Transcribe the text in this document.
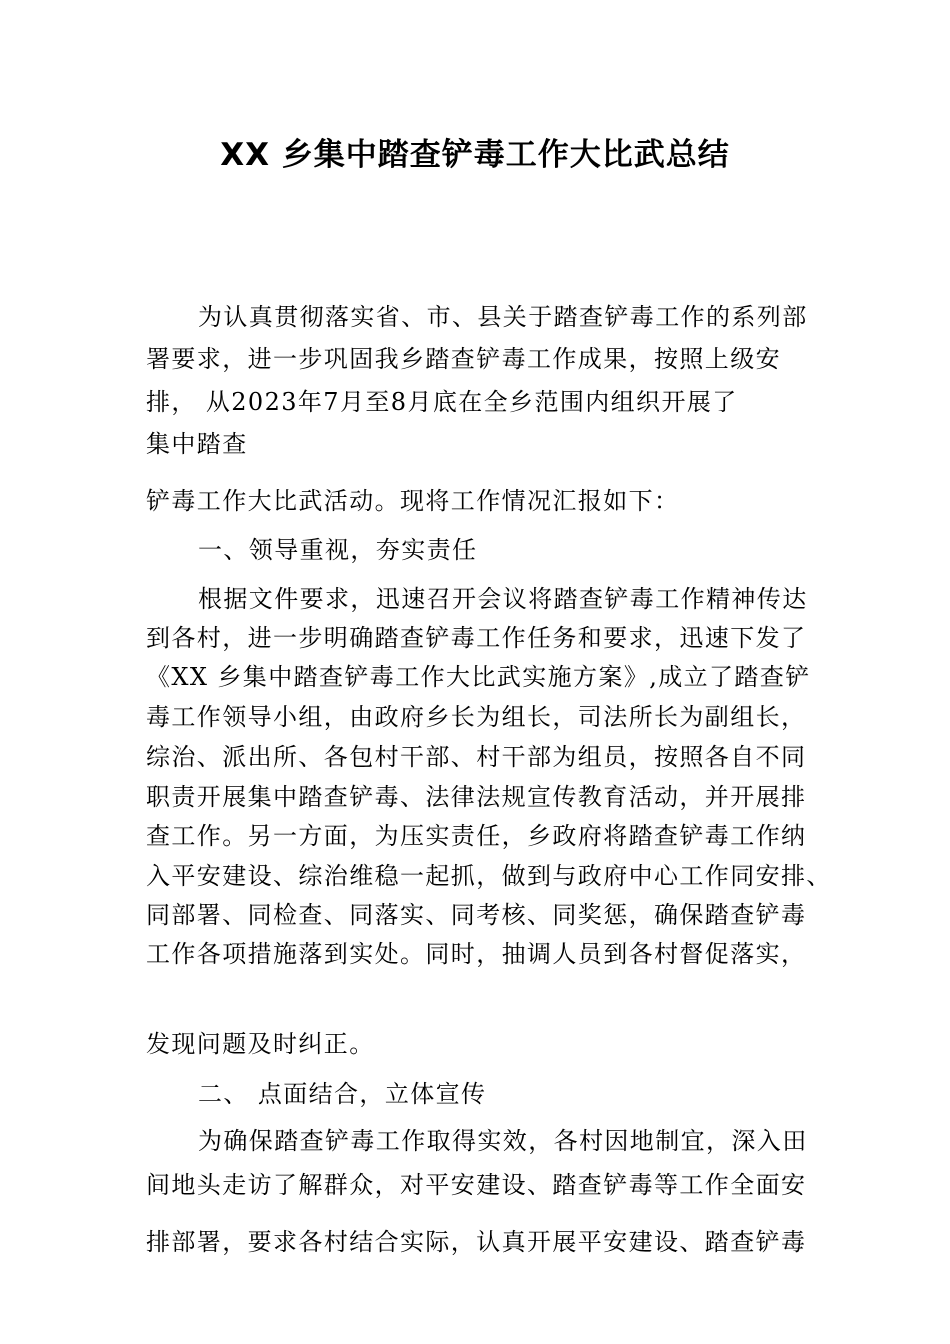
XX 乡集中踏查铲毒工作大比武总结
为认真贯彻落实省、市、县关于踏查铲毒工作的系列部
署要求，进一步巩固我乡踏查铲毒工作成果，按照上级安
排， 从2023年7月至8月底在全乡范围内组织开展了
集中踏查
铲毒工作大比武活动。现将工作情况汇报如下：
一、领导重视，夯实责任
根据文件要求，迅速召开会议将踏查铲毒工作精神传达
到各村，进一步明确踏查铲毒工作任务和要求，迅速下发了
《XX 乡集中踏查铲毒工作大比武实施方案》,成立了踏查铲
毒工作领导小组，由政府乡长为组长，司法所长为副组长，
综治、派出所、各包村干部、村干部为组员，按照各自不同
职责开展集中踏查铲毒、法律法规宣传教育活动，并开展排
查工作。另一方面，为压实责任，乡政府将踏查铲毒工作纳
入平安建设、综治维稳一起抓，做到与政府中心工作同安排、
同部署、同检查、同落实、同考核、同奖惩，确保踏查铲毒
工作各项措施落到实处。同时，抽调人员到各村督促落实，
发现问题及时纠正。
二、 点面结合，立体宣传
为确保踏查铲毒工作取得实效，各村因地制宜，深入田
间地头走访了解群众，对平安建设、踏查铲毒等工作全面安
排部署，要求各村结合实际，认真开展平安建设、踏查铲毒
